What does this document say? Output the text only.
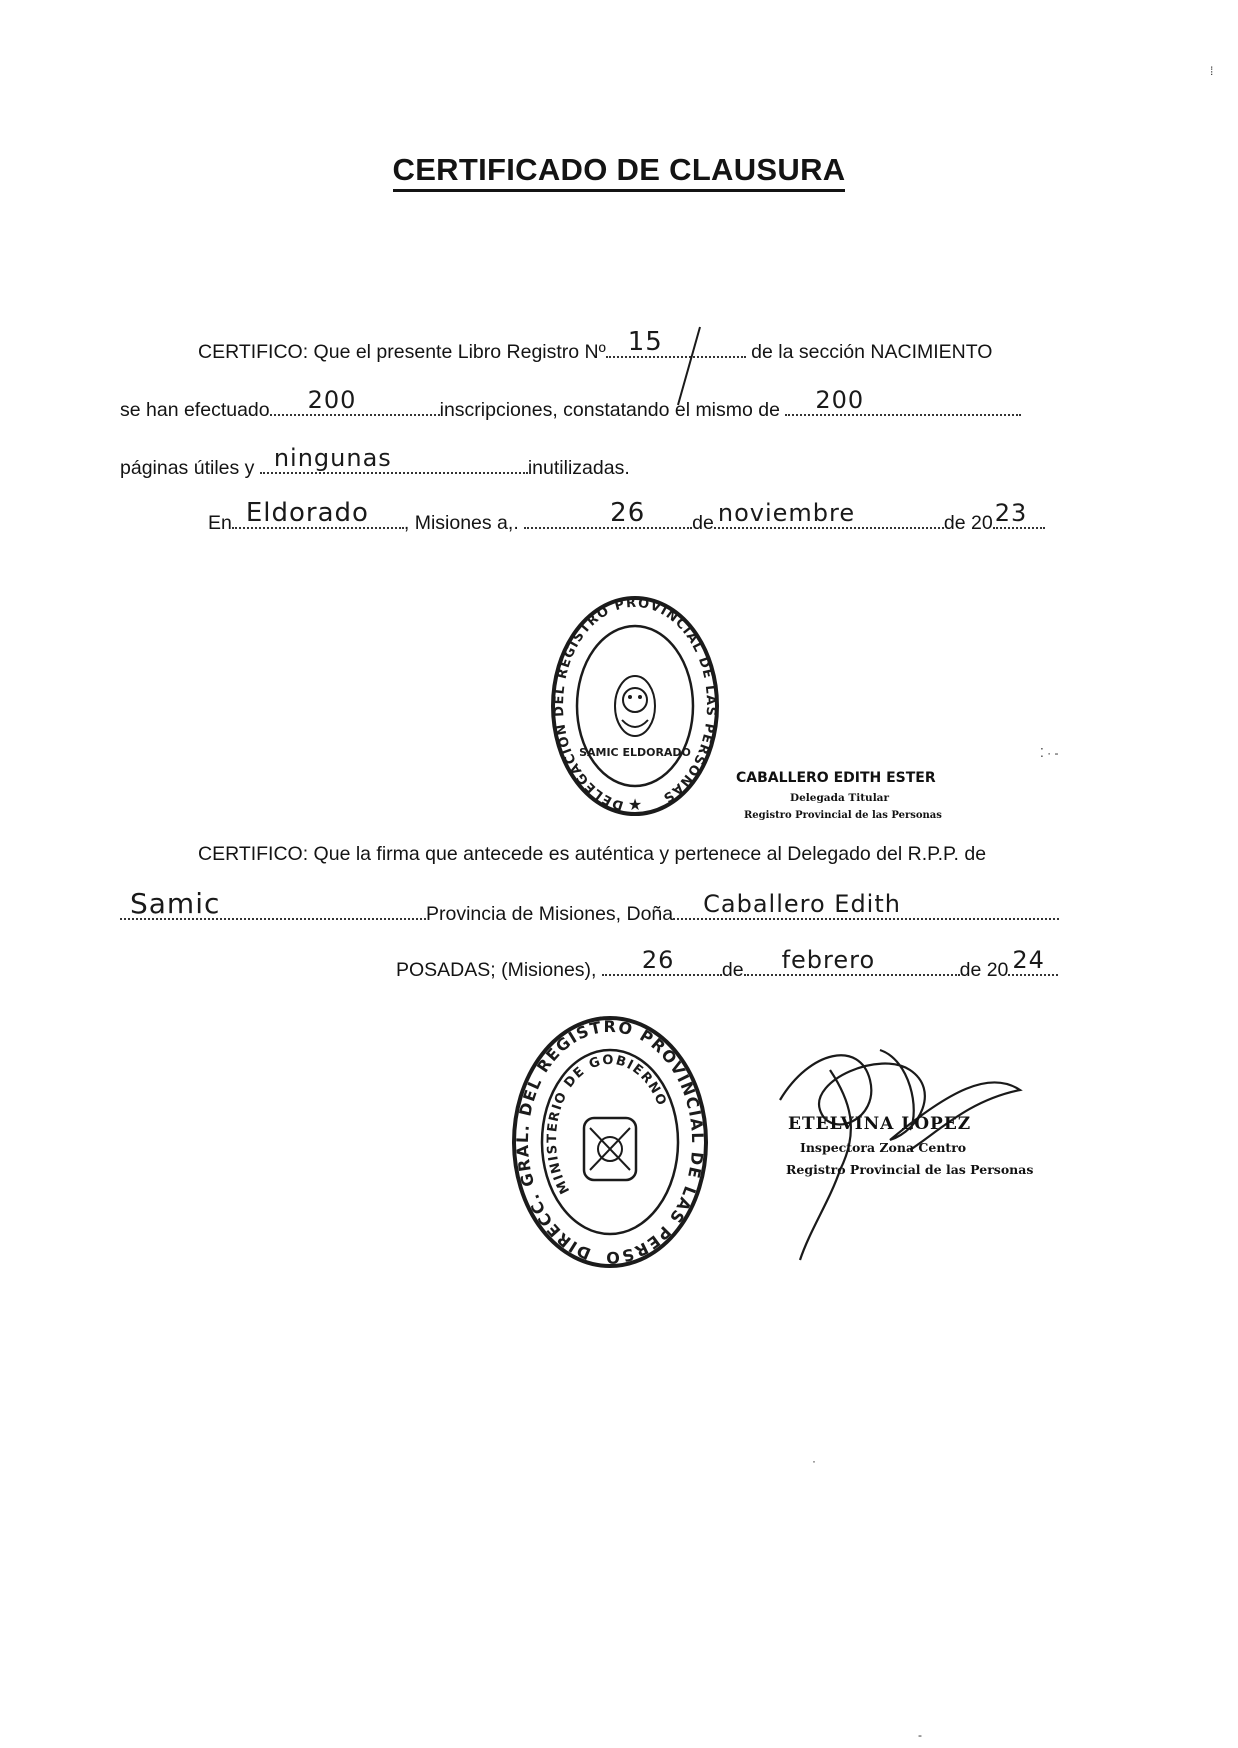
CERTIFICADO DE CLAUSURA
CERTIFICO: Que el presente Libro Registro Nº 15	de la sección NACIMIENTO
se han efectuado 200	inscripciones, constatando el mismo de 200
páginas útiles y ningunas	inutilizadas.
En Eldorado , Misiones a,.	26 de noviembre	de 20 23
DELEGACIÓN DEL REGISTRO PROVINCIAL DE LAS PERSONAS
SAMIC ELDORADO
★
CABALLERO EDITH ESTER
Delegada Titular
Registro Provincial de las Personas
CERTIFICO: Que la firma que antecede es auténtica y pertenece al Delegado del R.P.P. de
Samic	Provincia de Misiones, Doña Caballero Edith
POSADAS; (Misiones), 26 de febrero	de 20 24
DIRECC. GRAL. DEL REGISTRO PROVINCIAL DE LAS PERSONAS
MINISTERIO DE GOBIERNO
ETELVINA LOPEZ
Inspectora Zona Centro
Registro Provincial de las Personas
⁞
⁚ · -
·
-
